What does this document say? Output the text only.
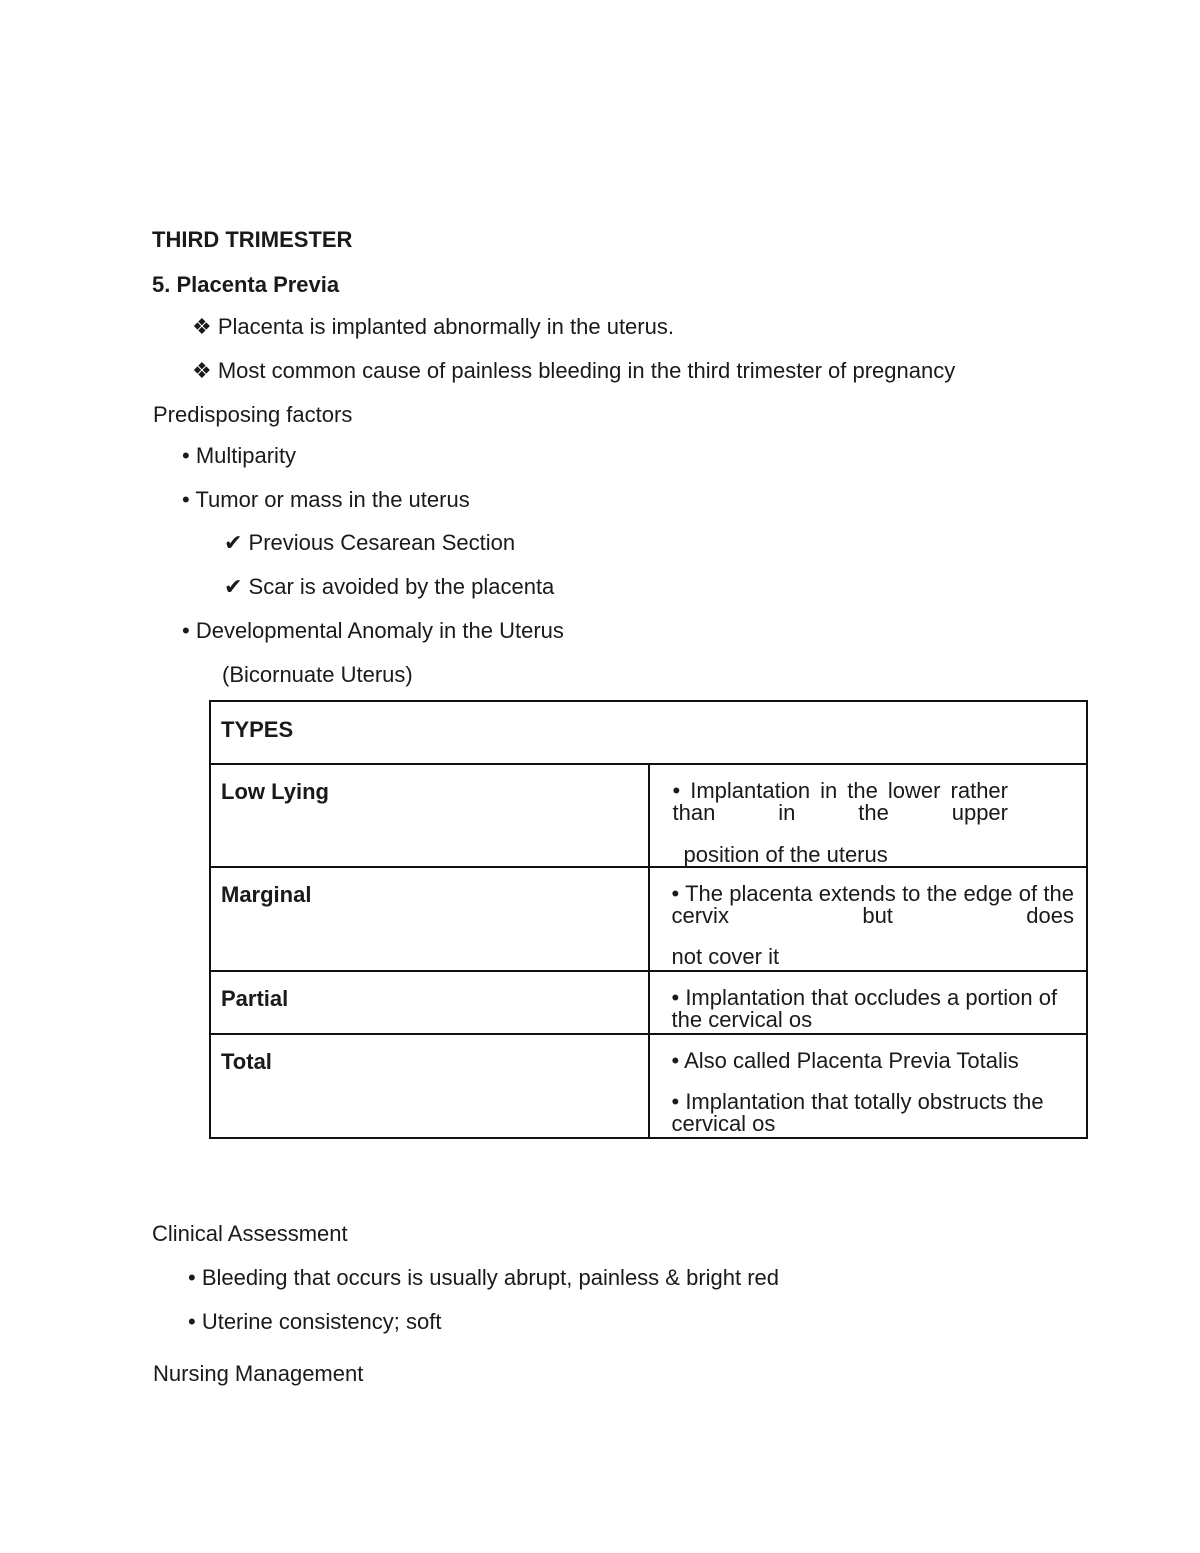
THIRD TRIMESTER
5. Placenta Previa
❖ Placenta is implanted abnormally in the uterus.
❖ Most common cause of painless bleeding in the third trimester of pregnancy
Predisposing factors
• Multiparity
• Tumor or mass in the uterus
✔ Previous Cesarean Section
✔ Scar is avoided by the placenta
• Developmental Anomaly in the Uterus
(Bicornuate Uterus)
TYPES	

Low Lying	• Implantation in the lower rather than in the upper
position of the uterus

Marginal	• The placenta extends to the edge of the cervix but does
not cover it

Partial	• Implantation that occludes a portion of the cervical os

Total	• Also called Placenta Previa Totalis
• Implantation that totally obstructs the cervical os
Clinical Assessment
• Bleeding that occurs is usually abrupt, painless & bright red
• Uterine consistency; soft
Nursing Management
